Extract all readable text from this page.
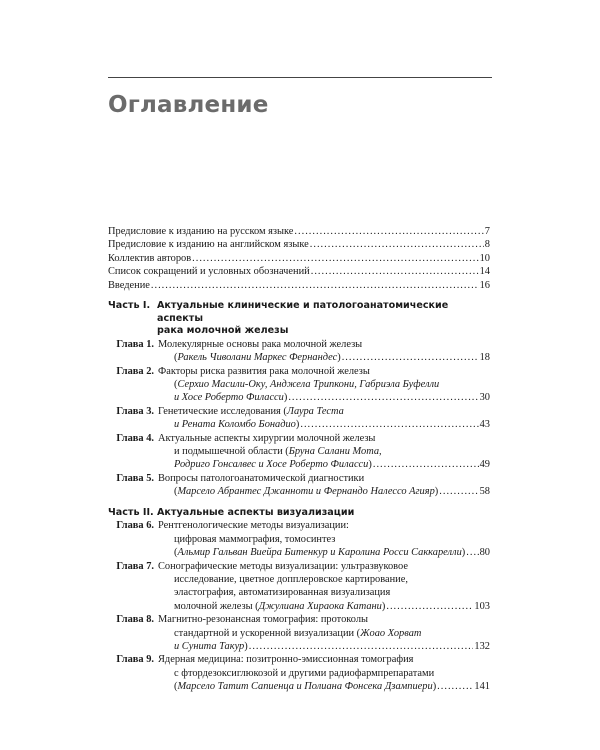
Оглавление
Предисловие к изданию на русском языке .....	7
Предисловие к изданию на английском языке .....	8
Коллектив авторов .....	10
Список сокращений и условных обозначений .....	14
Введение .....	16
Часть I. Актуальные клинические и патологоанатомические аспекты
рака молочной железы
Глава 1. Молекулярные основы рака молочной железы
( Ракель Чиволани Маркес Фернандес ) .....	18
Глава 2. Факторы риска развития рака молочной железы
( Серхио Масили-Оку, Анджела Трипкони, Габриэла Буфелли
и Хосе Роберто Филасси ) .....	30
Глава 3. Генетические исследования ( Лаура Теста
и Рената Коломбо Бонадио ) .....	43
Глава 4. Актуальные аспекты хирургии молочной железы
и подмышечной области ( Бруна Салани Мота,
Родриго Гонсалвес и Хосе Роберто Филасси ) .....	49
Глава 5. Вопросы патологоанатомической диагностики
( Марсело Абрантес Джанноти и Фернандо Налессо Агияр ) .....	58
Часть II. Актуальные аспекты визуализации
Глава 6. Рентгенологические методы визуализации:
цифровая маммография, томосинтез
( Альмир Гальван Виейра Битенкур и Каролина Росси Саккарелли ) ..... 80
Глава 7. Сонографические методы визуализации: ультразвуковое
исследование, цветное допплеровское картирование,
эластография, автоматизированная визуализация
молочной железы ( Джулиана Хираока Катани ) .....	103
Глава 8. Магнитно-резонансная томография: протоколы
стандартной и ускоренной визуализации ( Жоао Хорват
и Сунита Такур ) .....	132
Глава 9. Ядерная медицина: позитронно-эмиссионная томография
с фтордезоксиглюкозой и другими радиофармпрепаратами
( Марсело Татит Сапиенца и Полиана Фонсека Дзампиери ) .....	141
